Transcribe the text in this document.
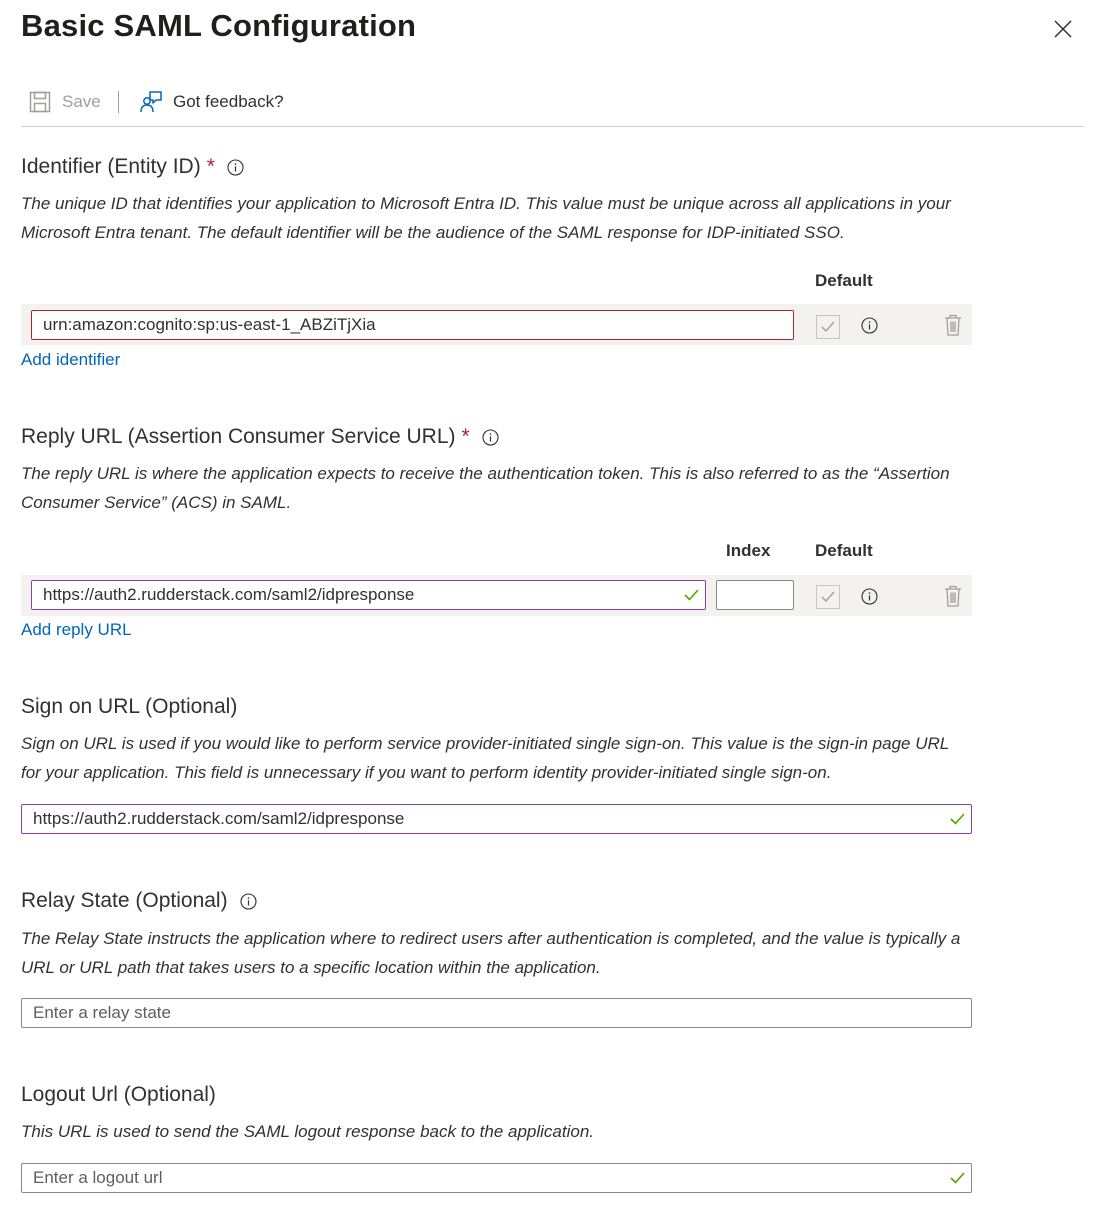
Basic SAML Configuration
Save	Got feedback?
Identifier (Entity ID) *
The unique ID that identifies your application to Microsoft Entra ID. This value must be unique across all applications in your Microsoft Entra tenant. The default identifier will be the audience of the SAML response for IDP-initiated SSO.
Default
urn:amazon:cognito:sp:us-east-1_ABZiTjXia
Add identifier
Reply URL (Assertion Consumer Service URL) *
The reply URL is where the application expects to receive the authentication token. This is also referred to as the “Assertion Consumer Service” (ACS) in SAML.
Index	Default
https://auth2.rudderstack.com/saml2/idpresponse
Add reply URL
Sign on URL (Optional)
Sign on URL is used if you would like to perform service provider-initiated single sign-on. This value is the sign-in page URL for your application. This field is unnecessary if you want to perform identity provider-initiated single sign-on.
https://auth2.rudderstack.com/saml2/idpresponse
Relay State (Optional)
The Relay State instructs the application where to redirect users after authentication is completed, and the value is typically a URL or URL path that takes users to a specific location within the application.
Enter a relay state
Logout Url (Optional)
This URL is used to send the SAML logout response back to the application.
Enter a logout url
